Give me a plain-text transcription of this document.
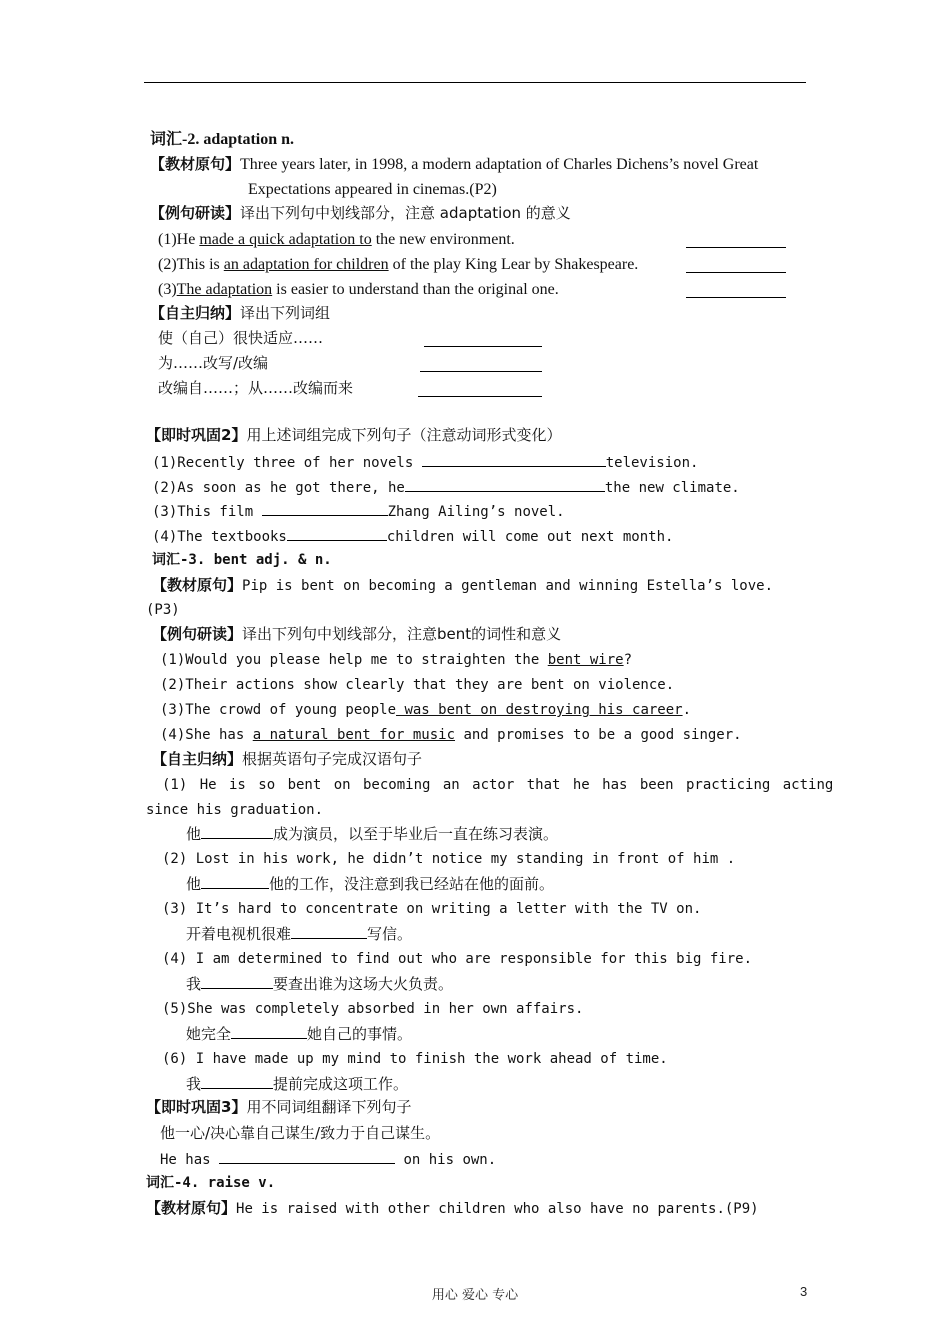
词汇-2. adaptation n.
【教材原句】Three years later, in 1998, a modern adaptation of Charles Dichens’s novel Great
Expectations appeared in cinemas.(P2)
【例句研读】译出下列句中划线部分，注意 adaptation 的意义
(1)He made a quick adaptation to the new environment.
(2)This is an adaptation for children of the play King Lear by Shakespeare.
(3)The adaptation is easier to understand than the original one.
【自主归纳】译出下列词组
使（自己）很快适应……
为……改写/改编
改编自……；从……改编而来
【即时巩固2】用上述词组完成下列句子（注意动词形式变化）
(1)Recently three of her novels	television.
(2)As soon as he got there, he	the new climate.
(3)This film	Zhang Ailing’s novel.
(4)The textbooks	children will come out next month.
词汇-3. bent adj. & n.
【教材原句】Pip is bent on becoming a gentleman and winning Estella’s love.
(P3)
【例句研读】译出下列句中划线部分，注意bent的词性和意义
(1)Would you please help me to straighten the bent wire?
(2)Their actions show clearly that they are bent on violence.
(3)The crowd of young people was bent on destroying his career.
(4)She has a natural bent for music and promises to be a good singer.
【自主归纳】根据英语句子完成汉语句子
(1) He is so bent on becoming an actor that he has been practicing acting
since his graduation.
他	成为演员，以至于毕业后一直在练习表演。
(2) Lost in his work, he didn’t notice my standing in front of him .
他	他的工作，没注意到我已经站在他的面前。
(3) It’s hard to concentrate on writing a letter with the TV on.
开着电视机很难	写信。
(4) I am determined to find out who are responsible for this big fire.
我	要查出谁为这场大火负责。
(5)She was completely absorbed in her own affairs.
她完全	她自己的事情。
(6) I have made up my mind to finish the work ahead of time.
我	提前完成这项工作。
【即时巩固3】用不同词组翻译下列句子
他一心/决心靠自己谋生/致力于自己谋生。
He has	on his own.
词汇-4. raise v.
【教材原句】He is raised with other children who also have no parents.(P9)
用心 爱心 专心	3
